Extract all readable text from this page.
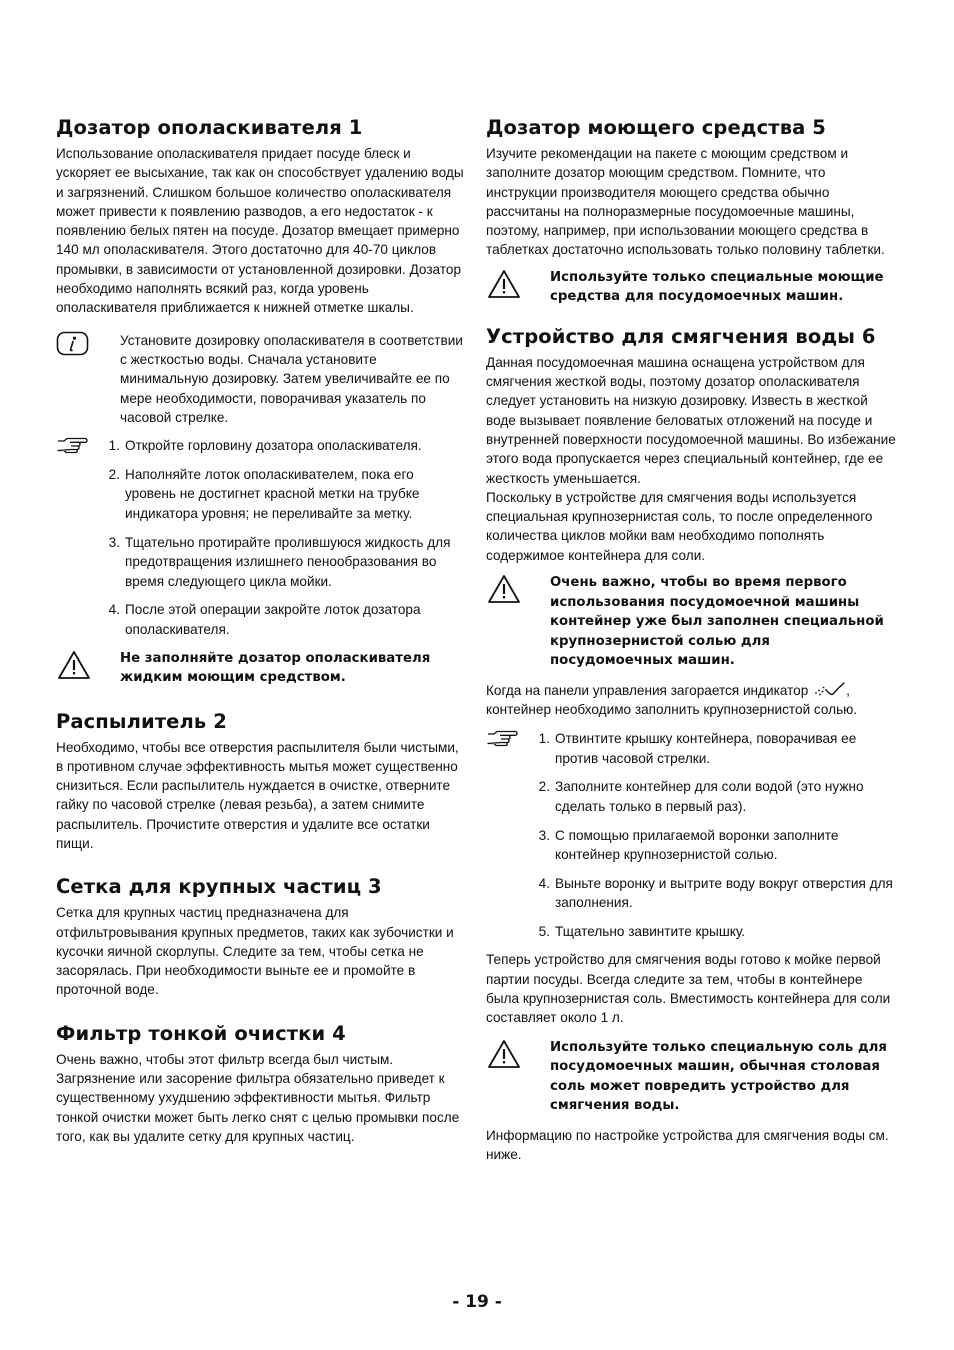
Дозатор ополаскивателя 1

Использование ополаскивателя придает посуде блеск и ускоряет ее высыхание, так как он способствует удалению воды и загрязнений. Слишком большое количество ополаскивателя может привести к появлению разводов, а его недостаток - к появлению белых пятен на посуде. Дозатор вмещает примерно 140 мл ополаскивателя. Этого достаточно для 40-70 циклов промывки, в зависимости от установленной дозировки. Дозатор необходимо наполнять всякий раз, когда уровень ополаскивателя приближается к нижней отметке шкалы.

Установите дозировку ополаскивателя в соответствии с жесткостью воды. Сначала установите минимальную дозировку. Затем увеличивайте ее по мере необходимости, поворачивая указатель по часовой стрелке.
1. Откройте горловину дозатора ополаскивателя.
2. Наполняйте лоток ополаскивателем, пока его уровень не достигнет красной метки на трубке индикатора уровня; не переливайте за метку.
3. Тщательно протирайте пролившуюся жидкость для предотвращения излишнего пенообразования во время следующего цикла мойки.
4. После этой операции закройте лоток дозатора ополаскивателя.
Не заполняйте дозатор ополаскивателя жидким моющим средством.
Распылитель 2

Необходимо, чтобы все отверстия распылителя были чистыми, в противном случае эффективность мытья может существенно снизиться. Если распылитель нуждается в очистке, отверните гайку по часовой стрелке (левая резьба), а затем снимите распылитель. Прочистите отверстия и удалите все остатки пищи.

Сетка для крупных частиц 3

Сетка для крупных частиц предназначена для отфильтровывания крупных предметов, таких как зубочистки и кусочки яичной скорлупы. Следите за тем, чтобы сетка не засорялась. При необходимости выньте ее и промойте в проточной воде.

Фильтр тонкой очистки 4

Очень важно, чтобы этот фильтр всегда был чистым. Загрязнение или засорение фильтра обязательно приведет к существенному ухудшению эффективности мытья. Фильтр тонкой очистки может быть легко снят с целью промывки после того, как вы удалите сетку для крупных частиц.

Дозатор моющего средства 5

Изучите рекомендации на пакете с моющим средством и заполните дозатор моющим средством. Помните, что инструкции производителя моющего средства обычно рассчитаны на полноразмерные посудомоечные машины, поэтому, например, при использовании моющего средства в таблетках достаточно использовать только половину таблетки.

Используйте только специальные моющие средства для посудомоечных машин.
Устройство для смягчения воды 6

Данная посудомоечная машина оснащена устройством для смягчения жесткой воды, поэтому дозатор ополаскивателя следует установить на низкую дозировку. Известь в жесткой воде вызывает появление беловатых отложений на посуде и внутренней поверхности посудомоечной машины. Во избежание этого вода пропускается через специальный контейнер, где ее жесткость уменьшается.

Поскольку в устройстве для смягчения воды используется специальная крупнозернистая соль, то после определенного количества циклов мойки вам необходимо пополнять содержимое контейнера для соли.

Очень важно, чтобы во время первого использования посудомоечной машины контейнер уже был заполнен специальной крупнозернистой солью для посудомоечных машин.

Когда на панели управления загорается индикатор	, контейнер необходимо заполнить крупнозернистой солью.

1. Отвинтите крышку контейнера, поворачивая ее против часовой стрелки.
2. Заполните контейнер для соли водой (это нужно сделать только в первый раз).
3. С помощью прилагаемой воронки заполните контейнер крупнозернистой солью.
4. Выньте воронку и вытрите воду вокруг отверстия для заполнения.
5. Тщательно завинтите крышку.

Теперь устройство для смягчения воды готово к мойке первой партии посуды. Всегда следите за тем, чтобы в контейнере была крупнозернистая соль. Вместимость контейнера для соли составляет около 1 л.

Используйте только специальную соль для посудомоечных машин, обычная столовая соль может повредить устройство для смягчения воды.

Информацию по настройке устройства для смягчения воды см. ниже.

- 19 -
